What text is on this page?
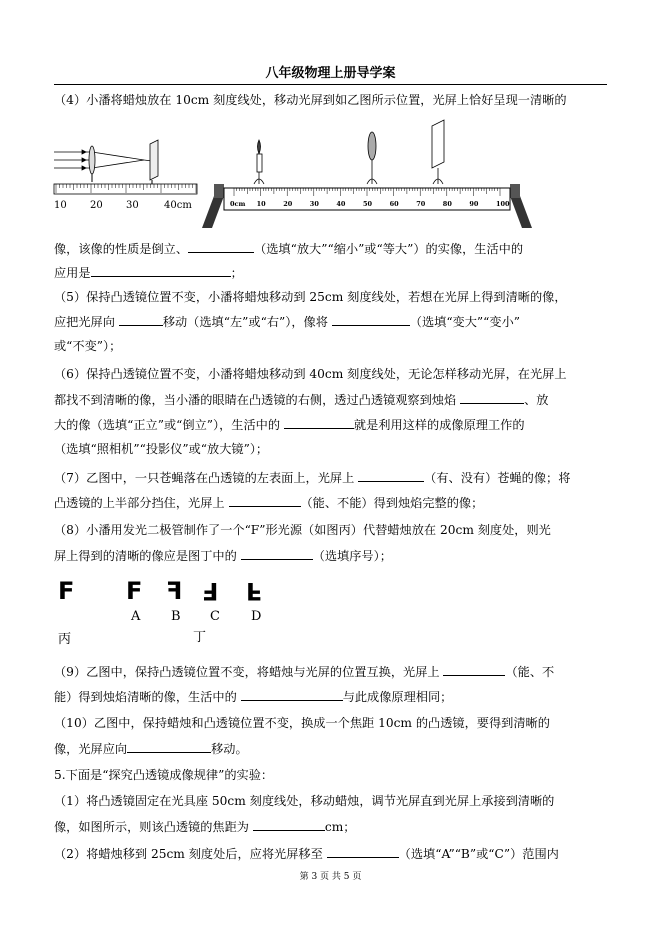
八年级物理上册导学案
（4）小潘将蜡烛放在 10cm 刻度线处，移动光屏到如乙图所示位置，光屏上恰好呈现一清晰的
10 20 30	40cm	0cm 10	20	30	40	50	60	70	80	90	100
像，该像的性质是倒立、	（选填“放大”“缩小”或“等大”）的实像，生活中的
应用是	；
（5）保持凸透镜位置不变，小潘将蜡烛移动到 25cm 刻度线处，若想在光屏上得到清晰的像，
应把光屏向	移动（选填“左”或“右”），像将	（选填“变大”“变小”
或“不变”）；
（6）保持凸透镜位置不变，小潘将蜡烛移动到 40cm 刻度线处，无论怎样移动光屏，在光屏上
都找不到清晰的像，当小潘的眼睛在凸透镜的右侧，透过凸透镜观察到烛焰	、放
大的像（选填“正立”或“倒立”），生活中的	就是利用这样的成像原理工作的
（选填“照相机”“投影仪”或“放大镜”）；
（7）乙图中，一只苍蝇落在凸透镜的左表面上，光屏上	（有、没有）苍蝇的像；将
凸透镜的上半部分挡住，光屏上	（能、不能）得到烛焰完整的像；
（8）小潘用发光二极管制作了一个“F”形光源（如图丙）代替蜡烛放在 20cm 刻度处，则光
屏上得到的清晰的像应是图丁中的	（选填序号）；
F F F F F
A B C D
丙	丁
（9）乙图中，保持凸透镜位置不变，将蜡烛与光屏的位置互换，光屏上	（能、不
能）得到烛焰清晰的像，生活中的	与此成像原理相同；
（10）乙图中，保持蜡烛和凸透镜位置不变，换成一个焦距 10cm 的凸透镜，要得到清晰的
像，光屏应向	移动。
5.下面是“探究凸透镜成像规律”的实验：
（1）将凸透镜固定在光具座 50cm 刻度线处，移动蜡烛，调节光屏直到光屏上承接到清晰的
像，如图所示，则该凸透镜的焦距为	cm；
（2）将蜡烛移到 25cm 刻度处后，应将光屏移至	（选填“A”“B”或“C”）范围内
第 3 页 共 5 页
